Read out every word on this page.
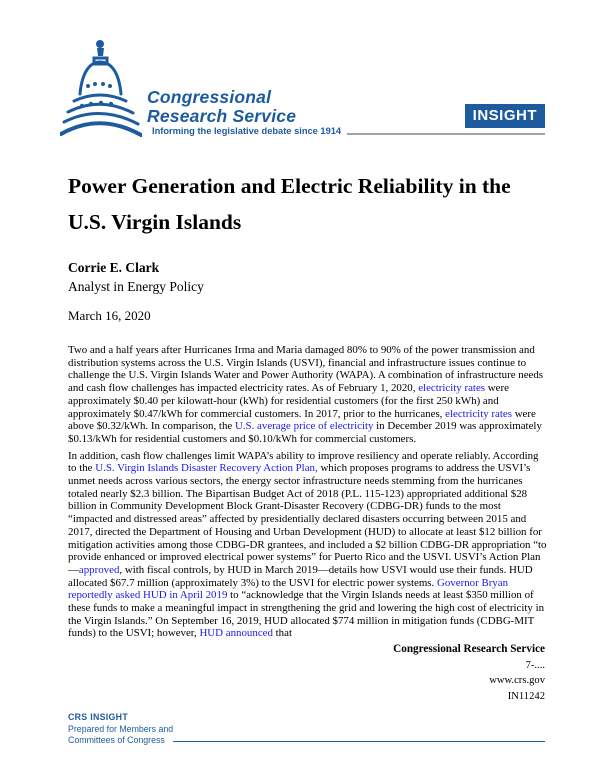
Congressional
Research Service
Informing the legislative debate since 1914
INSIGHT
Power Generation and Electric Reliability in the U.S. Virgin Islands
Corrie E. Clark
Analyst in Energy Policy
March 16, 2020

Two and a half years after Hurricanes Irma and Maria damaged 80% to 90% of the power transmission and distribution systems across the U.S. Virgin Islands (USVI), financial and infrastructure issues continue to challenge the U.S. Virgin Islands Water and Power Authority (WAPA). A combination of infrastructure needs and cash flow challenges has impacted electricity rates. As of February 1, 2020, electricity rates were approximately $0.40 per kilowatt-hour (kWh) for residential customers (for the first 250 kWh) and approximately $0.47/kWh for commercial customers. In 2017, prior to the hurricanes, electricity rates were above $0.32/kWh. In comparison, the U.S. average price of electricity in December 2019 was approximately $0.13/kWh for residential customers and $0.10/kWh for commercial customers.

In addition, cash flow challenges limit WAPA’s ability to improve resiliency and operate reliably. According to the U.S. Virgin Islands Disaster Recovery Action Plan, which proposes programs to address the USVI’s unmet needs across various sectors, the energy sector infrastructure needs stemming from the hurricanes totaled nearly $2.3 billion. The Bipartisan Budget Act of 2018 (P.L. 115-123) appropriated additional $28 billion in Community Development Block Grant-Disaster Recovery (CDBG-DR) funds to the most “impacted and distressed areas” affected by presidentially declared disasters occurring between 2015 and 2017, directed the Department of Housing and Urban Development (HUD) to allocate at least $12 billion for mitigation activities among those CDBG-DR grantees, and included a $2 billion CDBG-DR appropriation “to provide enhanced or improved electrical power systems” for Puerto Rico and the USVI. USVI’s Action Plan—approved, with fiscal controls, by HUD in March 2019—details how USVI would use their funds. HUD allocated $67.7 million (approximately 3%) to the USVI for electric power systems. Governor Bryan reportedly asked HUD in April 2019 to “acknowledge that the Virgin Islands needs at least $350 million of these funds to make a meaningful impact in strengthening the grid and lowering the high cost of electricity in the Virgin Islands.” On September 16, 2019, HUD allocated $774 million in mitigation funds (CDBG-MIT funds) to the USVI; however, HUD announced that

Congressional Research Service
7-....
www.crs.gov
IN11242
CRS INSIGHT
Prepared for Members and
Committees of Congress
